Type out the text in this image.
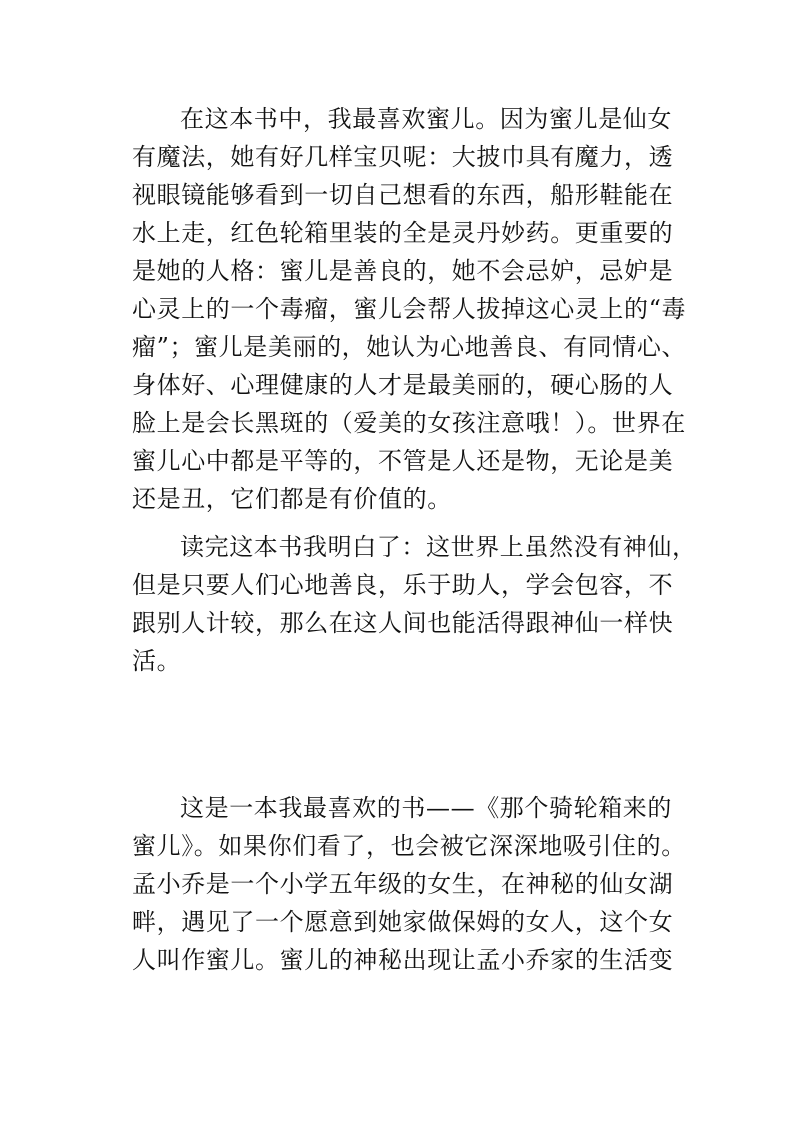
在这本书中，我最喜欢蜜儿。因为蜜儿是仙女
有魔法，她有好几样宝贝呢：大披巾具有魔力，透
视眼镜能够看到一切自己想看的东西，船形鞋能在
水上走，红色轮箱里装的全是灵丹妙药。更重要的
是她的人格：蜜儿是善良的，她不会忌妒，忌妒是
心灵上的一个毒瘤，蜜儿会帮人拔掉这心灵上的“毒
瘤”；蜜儿是美丽的，她认为心地善良、有同情心、
身体好、心理健康的人才是最美丽的，硬心肠的人
脸上是会长黑斑的（爱美的女孩注意哦！）。世界在
蜜儿心中都是平等的，不管是人还是物，无论是美
还是丑，它们都是有价值的。
读完这本书我明白了：这世界上虽然没有神仙，
但是只要人们心地善良，乐于助人，学会包容，不
跟别人计较，那么在这人间也能活得跟神仙一样快
活。
这是一本我最喜欢的书——《那个骑轮箱来的
蜜儿》。如果你们看了，也会被它深深地吸引住的。
孟小乔是一个小学五年级的女生，在神秘的仙女湖
畔，遇见了一个愿意到她家做保姆的女人，这个女
人叫作蜜儿。蜜儿的神秘出现让孟小乔家的生活变
